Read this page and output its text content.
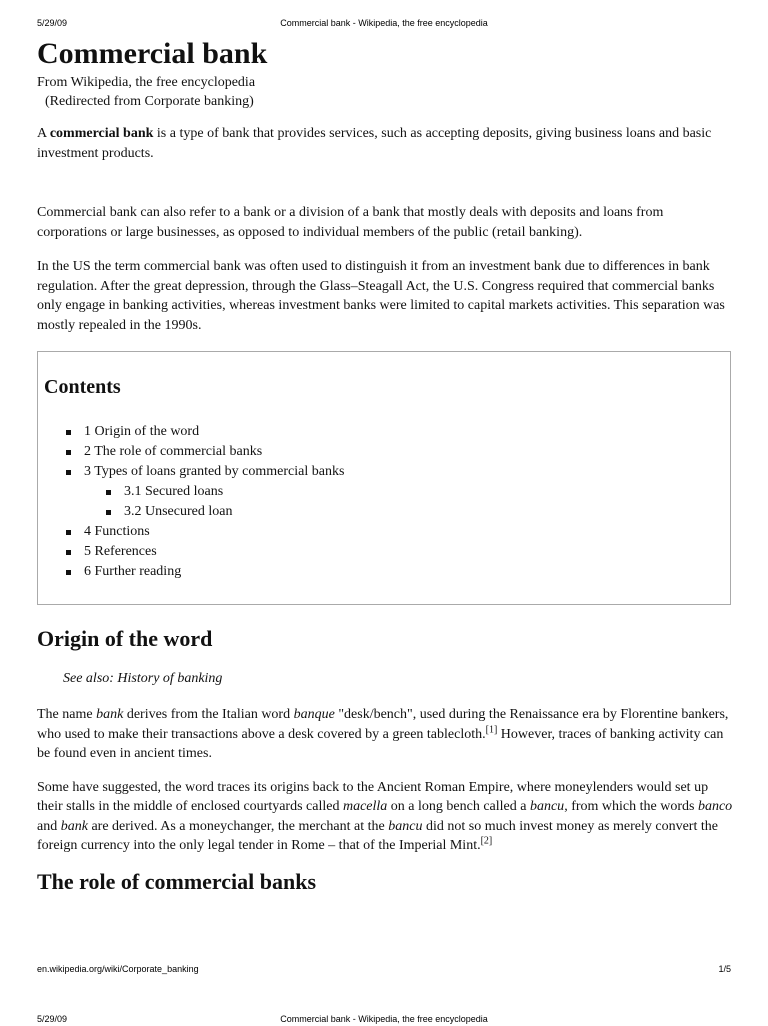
5/29/09	Commercial bank - Wikipedia, the free encyclopedia
Commercial bank
From Wikipedia, the free encyclopedia
(Redirected from Corporate banking)

A commercial bank is a type of bank that provides services, such as accepting deposits, giving business loans and basic investment products.

Commercial bank can also refer to a bank or a division of a bank that mostly deals with deposits and loans from corporations or large businesses, as opposed to individual members of the public (retail banking).

In the US the term commercial bank was often used to distinguish it from an investment bank due to differences in bank regulation. After the great depression, through the Glass–Steagall Act, the U.S. Congress required that commercial banks only engage in banking activities, whereas investment banks were limited to capital markets activities. This separation was mostly repealed in the 1990s.

Contents
1 Origin of the word
2 The role of commercial banks
3 Types of loans granted by commercial banks
3.1 Secured loans
3.2 Unsecured loan
4 Functions
5 References
6 Further reading
Origin of the word
See also: History of banking

The name bank derives from the Italian word banque "desk/bench", used during the Renaissance era by Florentine bankers, who used to make their transactions above a desk covered by a green tablecloth.[1] However, traces of banking activity can be found even in ancient times.

Some have suggested, the word traces its origins back to the Ancient Roman Empire, where moneylenders would set up their stalls in the middle of enclosed courtyards called macella on a long bench called a bancu, from which the words banco and bank are derived. As a moneychanger, the merchant at the bancu did not so much invest money as merely convert the foreign currency into the only legal tender in Rome – that of the Imperial Mint.[2]

The role of commercial banks
en.wikipedia.org/wiki/Corporate_banking	1/5
5/29/09	Commercial bank - Wikipedia, the free encyclopedia
